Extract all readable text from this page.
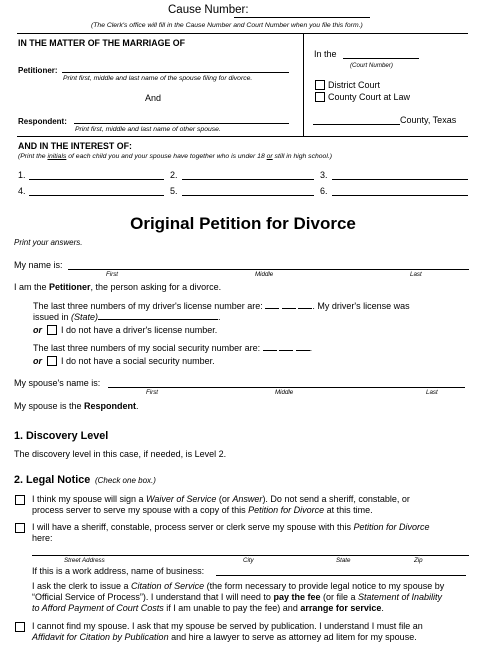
Cause Number:
(The Clerk's office will fill in the Cause Number and Court Number when you file this form.)
IN THE MATTER OF THE MARRIAGE OF
Petitioner:
Print first, middle and last name of the spouse filing for divorce.
And
Respondent:
Print first, middle and last name of other spouse.
In the
(Court Number)
District Court
County Court at Law
County, Texas
AND IN THE INTEREST OF:
(Print the initials of each child you and your spouse have together who is under 18 or still in high school.)
1.	2.	3.
4.	5.	6.
Original Petition for Divorce
Print your answers.
My name is:
First	Middle	Last
I am the Petitioner, the person asking for a divorce.
The last three numbers of my driver's license number are:	. My driver's license was
issued in (State)	.
or I do not have a driver's license number.
The last three numbers of my social security number are:	.
or I do not have a social security number.
My spouse's name is:
First	Middle	Last
My spouse is the Respondent.
1. Discovery Level
The discovery level in this case, if needed, is Level 2.
2. Legal Notice (Check one box.)
I think my spouse will sign a Waiver of Service (or Answer). Do not send a sheriff, constable, or
process server to serve my spouse with a copy of this Petition for Divorce at this time.
I will have a sheriff, constable, process server or clerk serve my spouse with this Petition for Divorce
here:
Street Address	City	State	Zip
If this is a work address, name of business:
I ask the clerk to issue a Citation of Service (the form necessary to provide legal notice to my spouse by
“Official Service of Process”). I understand that I will need to pay the fee (or file a Statement of Inability
to Afford Payment of Court Costs if I am unable to pay the fee) and arrange for service.
I cannot find my spouse. I ask that my spouse be served by publication. I understand I must file an
Affidavit for Citation by Publication and hire a lawyer to serve as attorney ad litem for my spouse.
